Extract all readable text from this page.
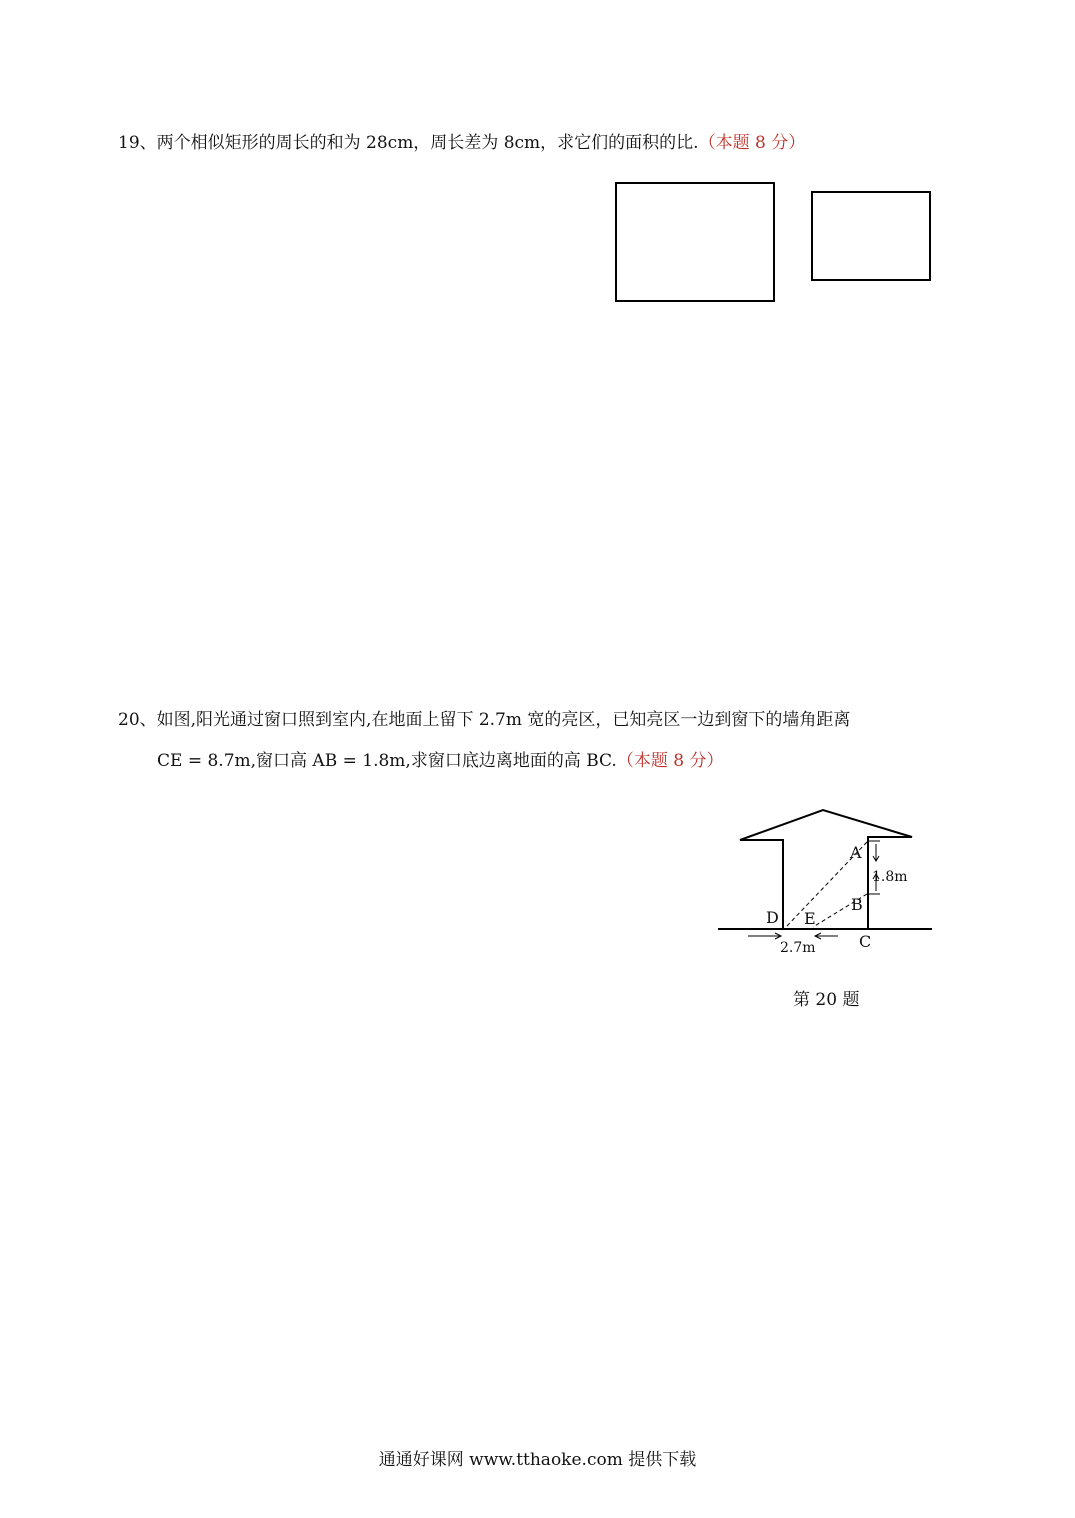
19、两个相似矩形的周长的和为 28cm，周长差为 8cm，求它们的面积的比.（本题 8 分）
20、如图,阳光通过窗口照到室内,在地面上留下 2.7m 宽的亮区，已知亮区一边到窗下的墙角距离
CE = 8.7m,窗口高 AB = 1.8m,求窗口底边离地面的高 BC.（本题 8 分）
A
B
C
D E
1.8m
2.7m
第 20 题
通通好课网 www.tthaoke.com 提供下载
